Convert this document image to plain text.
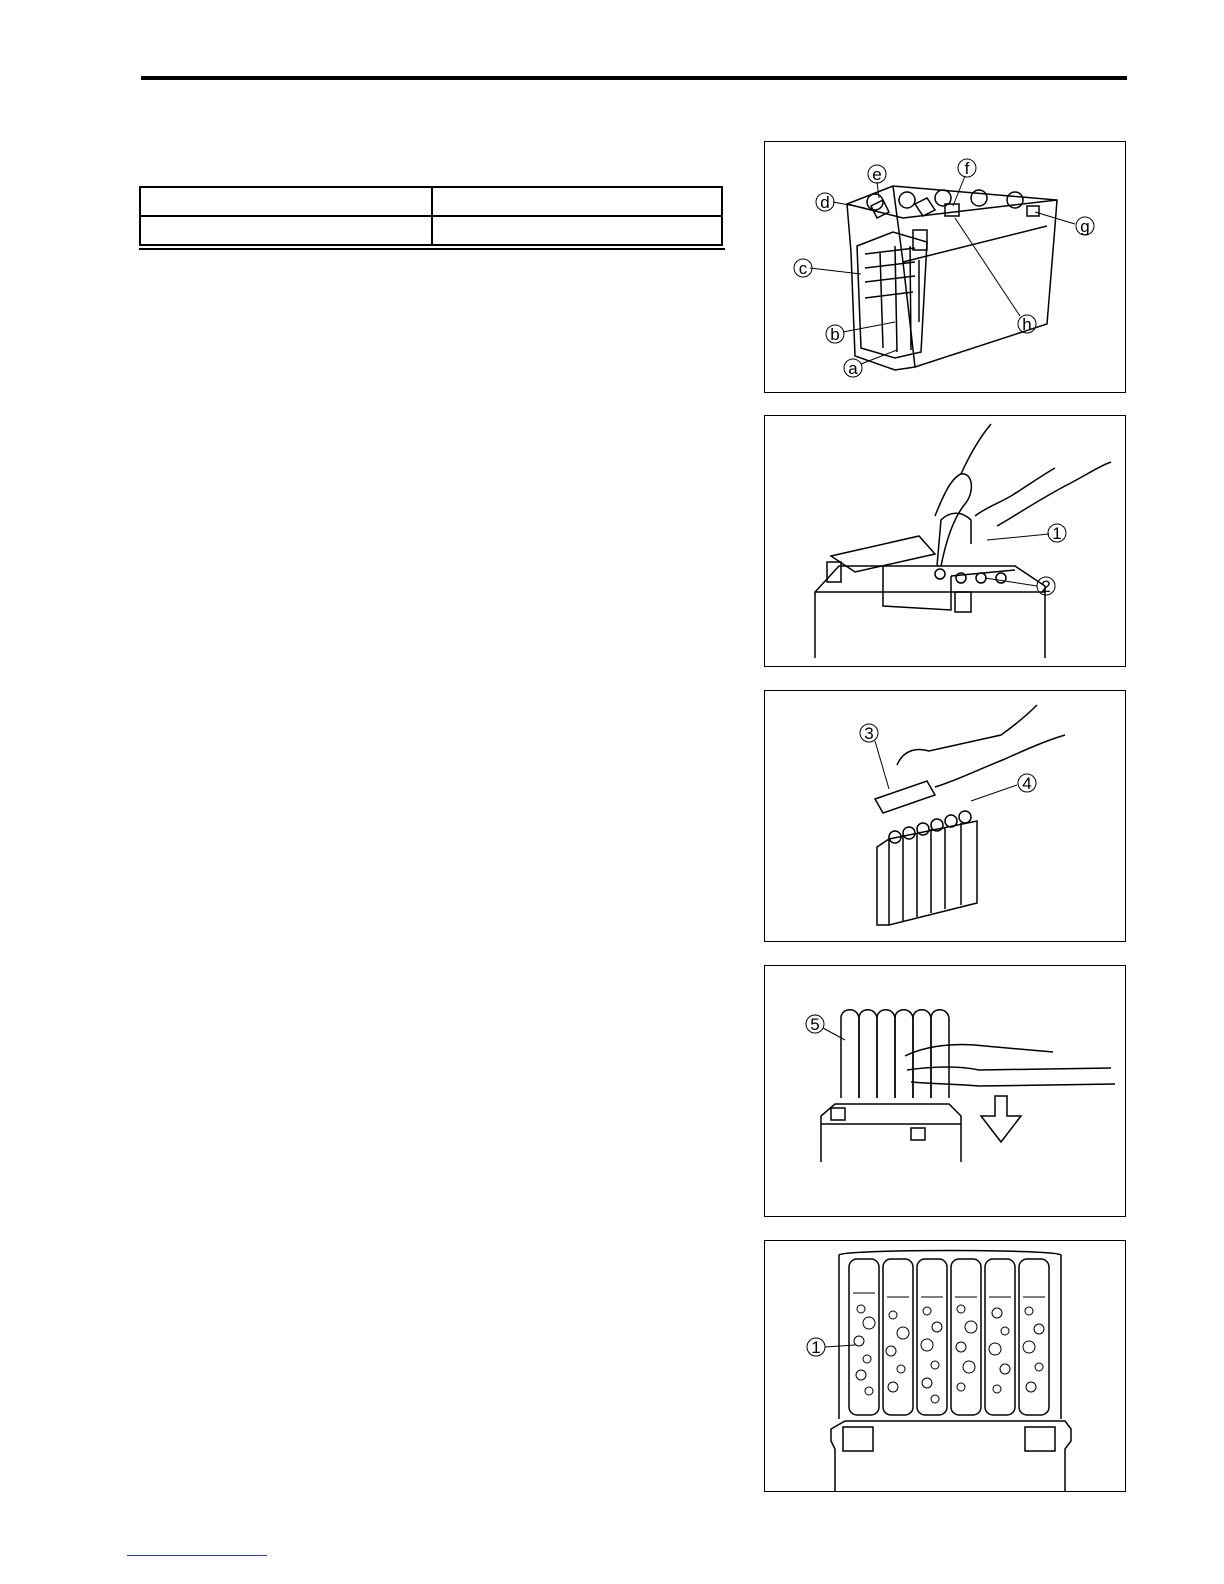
d
e	f
g
h
c
b
a
1
2
3
4
5
1
